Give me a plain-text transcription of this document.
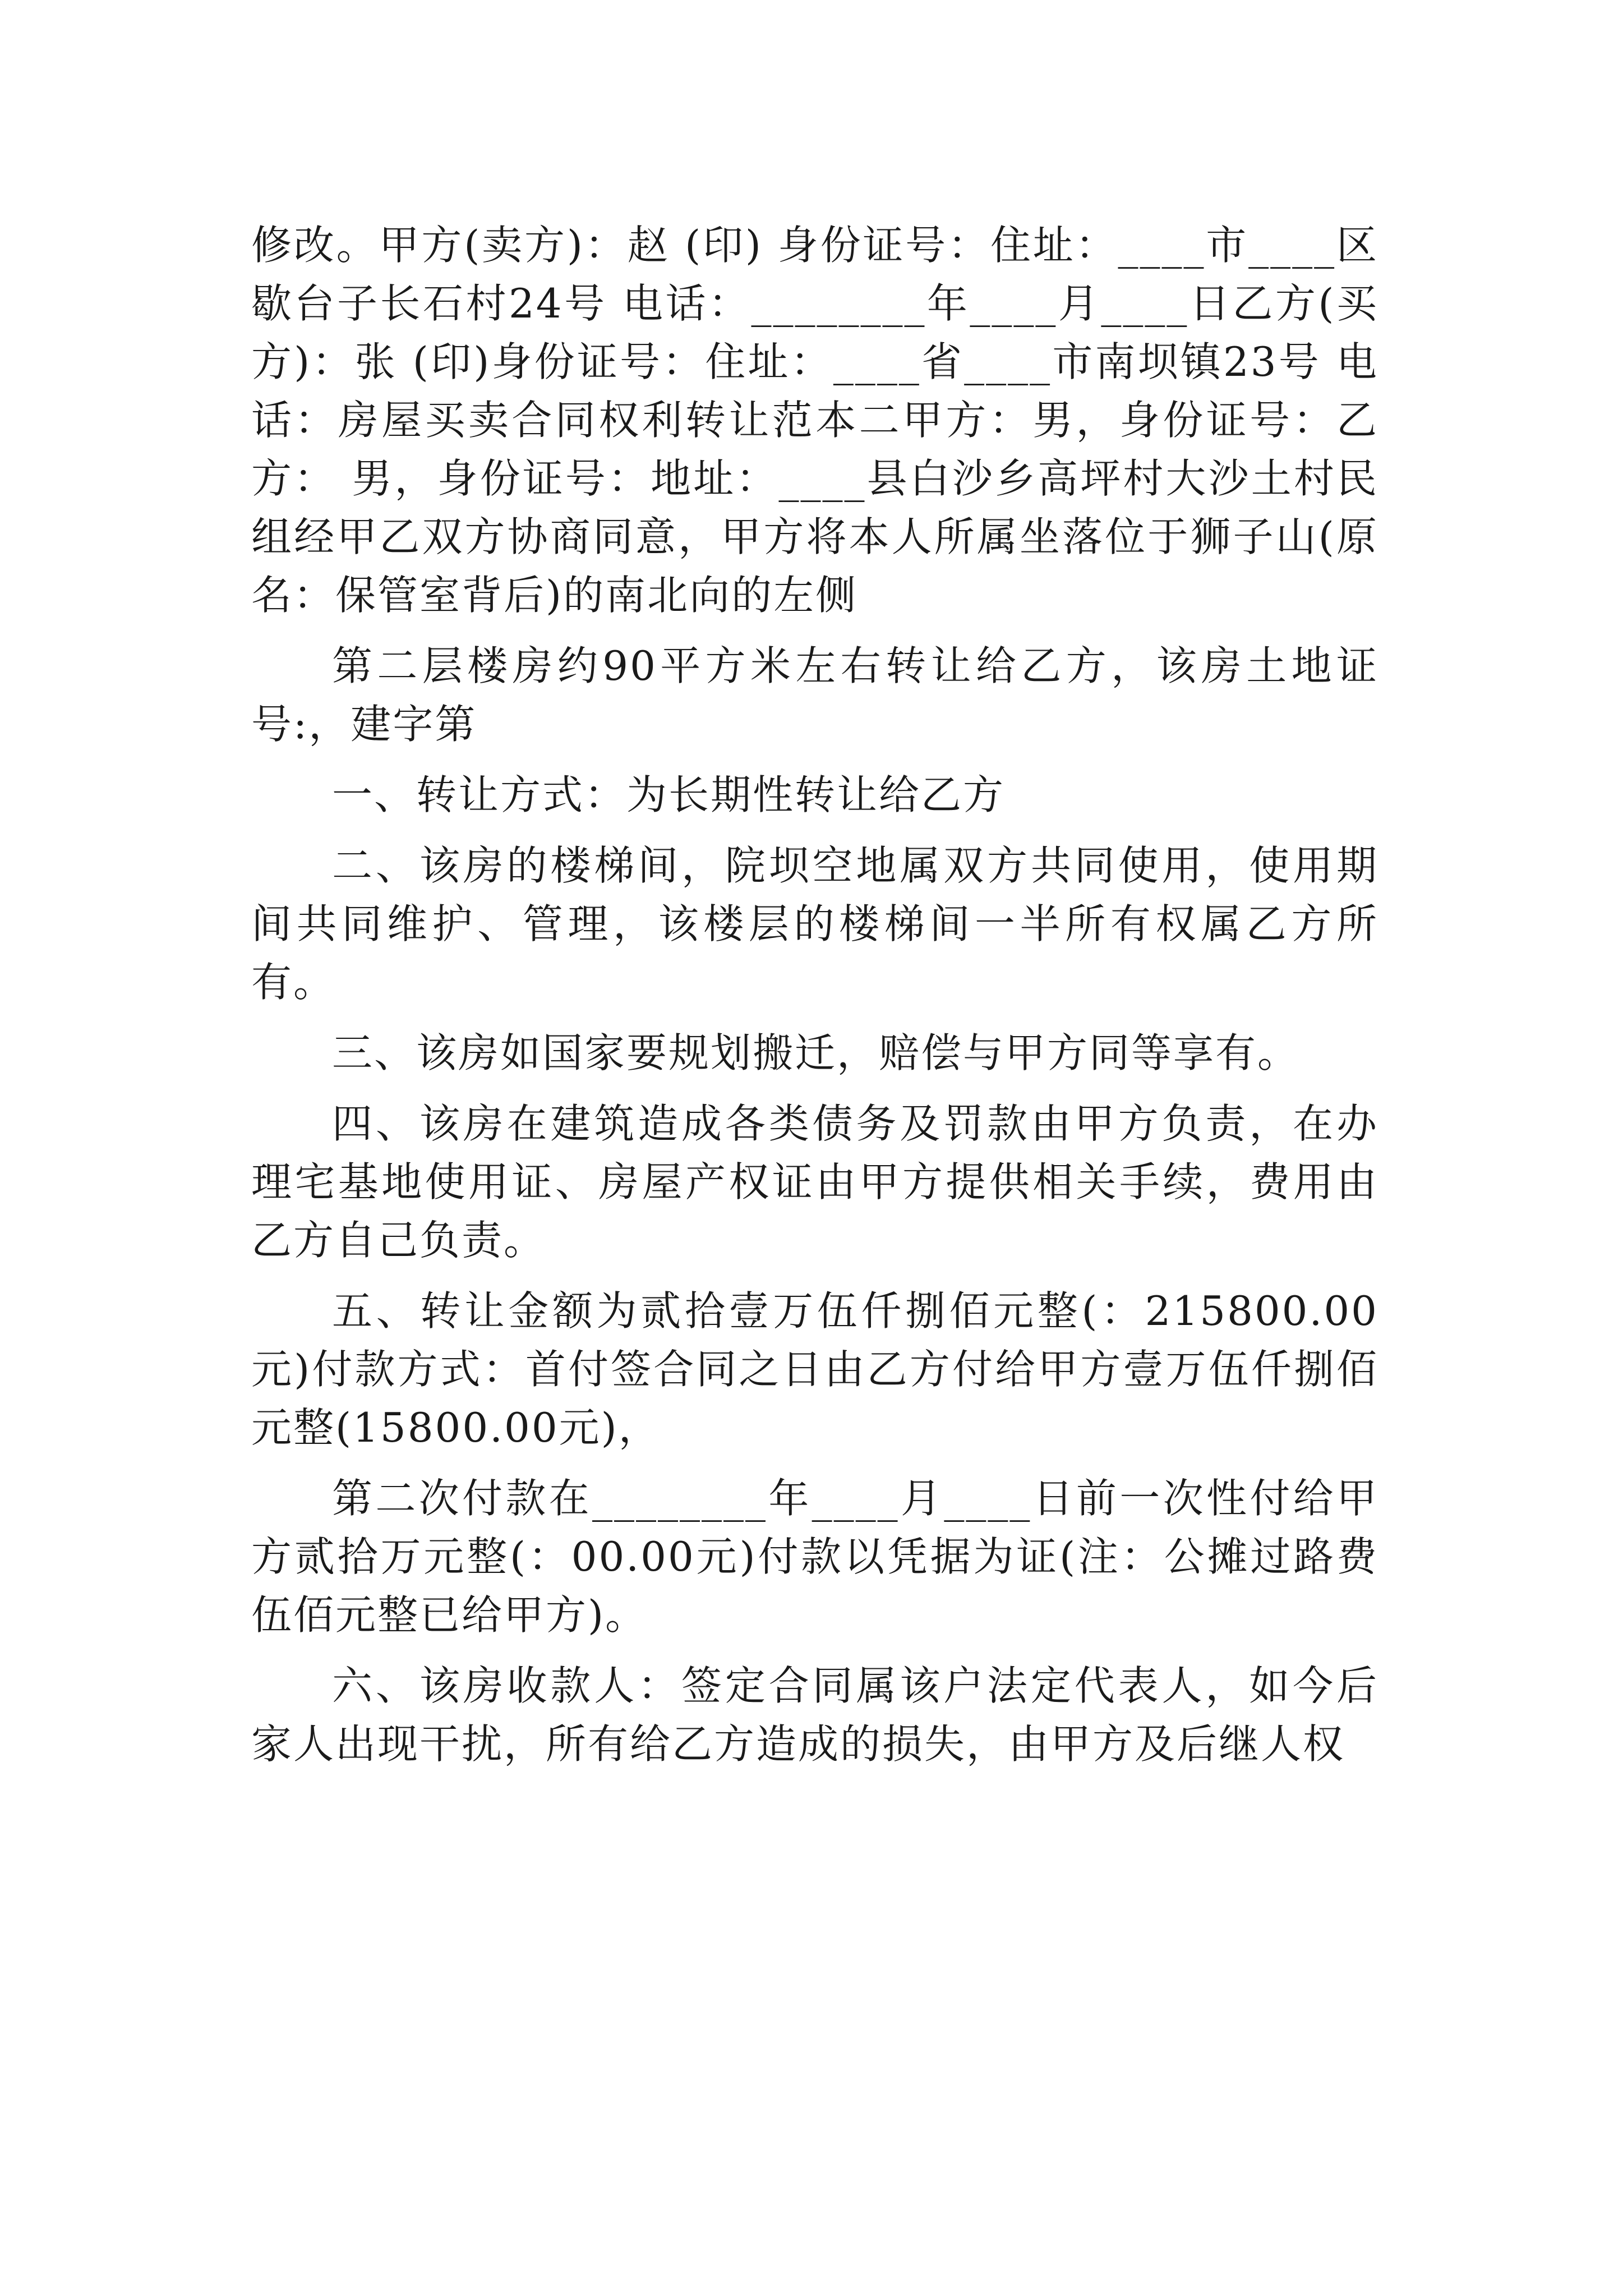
修改。甲方(卖方)：赵 (印) 身份证号：住址：____市____区歇台子长石村24号 电话：________年____月____日乙方(买方)：张 (印)身份证号：住址：____省____市南坝镇23号 电话：房屋买卖合同权利转让范本二甲方：男，身份证号：乙方： 男，身份证号：地址：____县白沙乡高坪村大沙土村民组经甲乙双方协商同意，甲方将本人所属坐落位于狮子山(原名：保管室背后)的南北向的左侧

第二层楼房约90平方米左右转让给乙方，该房土地证号:，建字第

一、转让方式：为长期性转让给乙方

二、该房的楼梯间，院坝空地属双方共同使用，使用期间共同维护、管理，该楼层的楼梯间一半所有权属乙方所有。

三、该房如国家要规划搬迁，赔偿与甲方同等享有。

四、该房在建筑造成各类债务及罚款由甲方负责，在办理宅基地使用证、房屋产权证由甲方提供相关手续，费用由乙方自己负责。

五、转让金额为贰拾壹万伍仟捌佰元整(：215800.00元)付款方式：首付签合同之日由乙方付给甲方壹万伍仟捌佰元整(15800.00元)，

第二次付款在________年____月____日前一次性付给甲方贰拾万元整(：00.00元)付款以凭据为证(注：公摊过路费伍佰元整已给甲方)。

六、该房收款人：签定合同属该户法定代表人，如今后家人出现干扰，所有给乙方造成的损失，由甲方及后继人权
